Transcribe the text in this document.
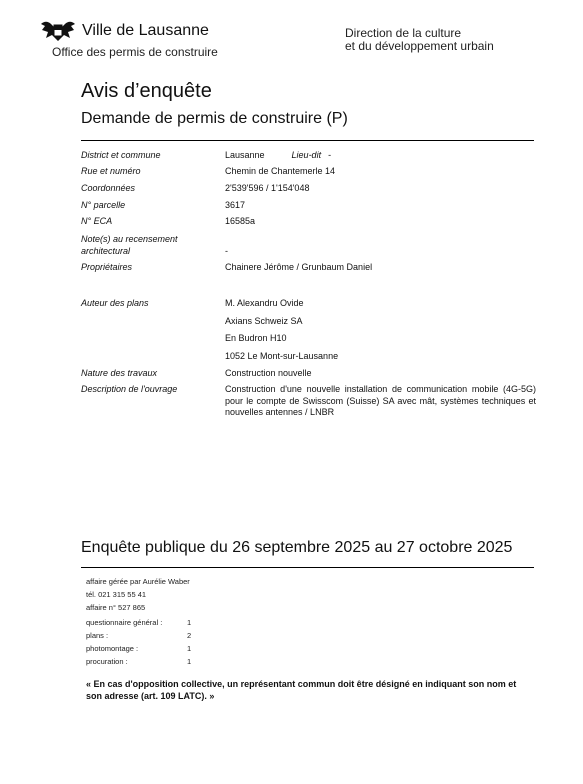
Ville de Lausanne
Office des permis de construire
Direction de la culture
et du développement urbain
Avis d’enquête
Demande de permis de construire (P)
District et commune	Lausanne	Lieu-dit -
Rue et numéro	Chemin de Chantemerle 14
Coordonnées	2'539'596 / 1'154'048
N° parcelle	3617
N° ECA	16585a
Note(s) au recensement
architectural	-
Propriétaires	Chainere Jérôme / Grunbaum Daniel
Auteur des plans	M. Alexandru Ovide
Axians Schweiz SA
En Budron H10
1052 Le Mont-sur-Lausanne
Nature des travaux	Construction nouvelle
Description de l'ouvrage	Construction d'une nouvelle installation de communication mobile (4G-5G) pour le compte de Swisscom (Suisse) SA avec mât, systèmes techniques et nouvelles antennes / LNBR
Enquête publique du 26 septembre 2025 au 27 octobre 2025
affaire gérée par Aurélie Waber
tél. 021 315 55 41
affaire n° 527 865
questionnaire général :	1
plans :	2
photomontage :	1
procuration :	1
« En cas d'opposition collective, un représentant commun doit être désigné en indiquant son nom et son adresse (art. 109 LATC). »
